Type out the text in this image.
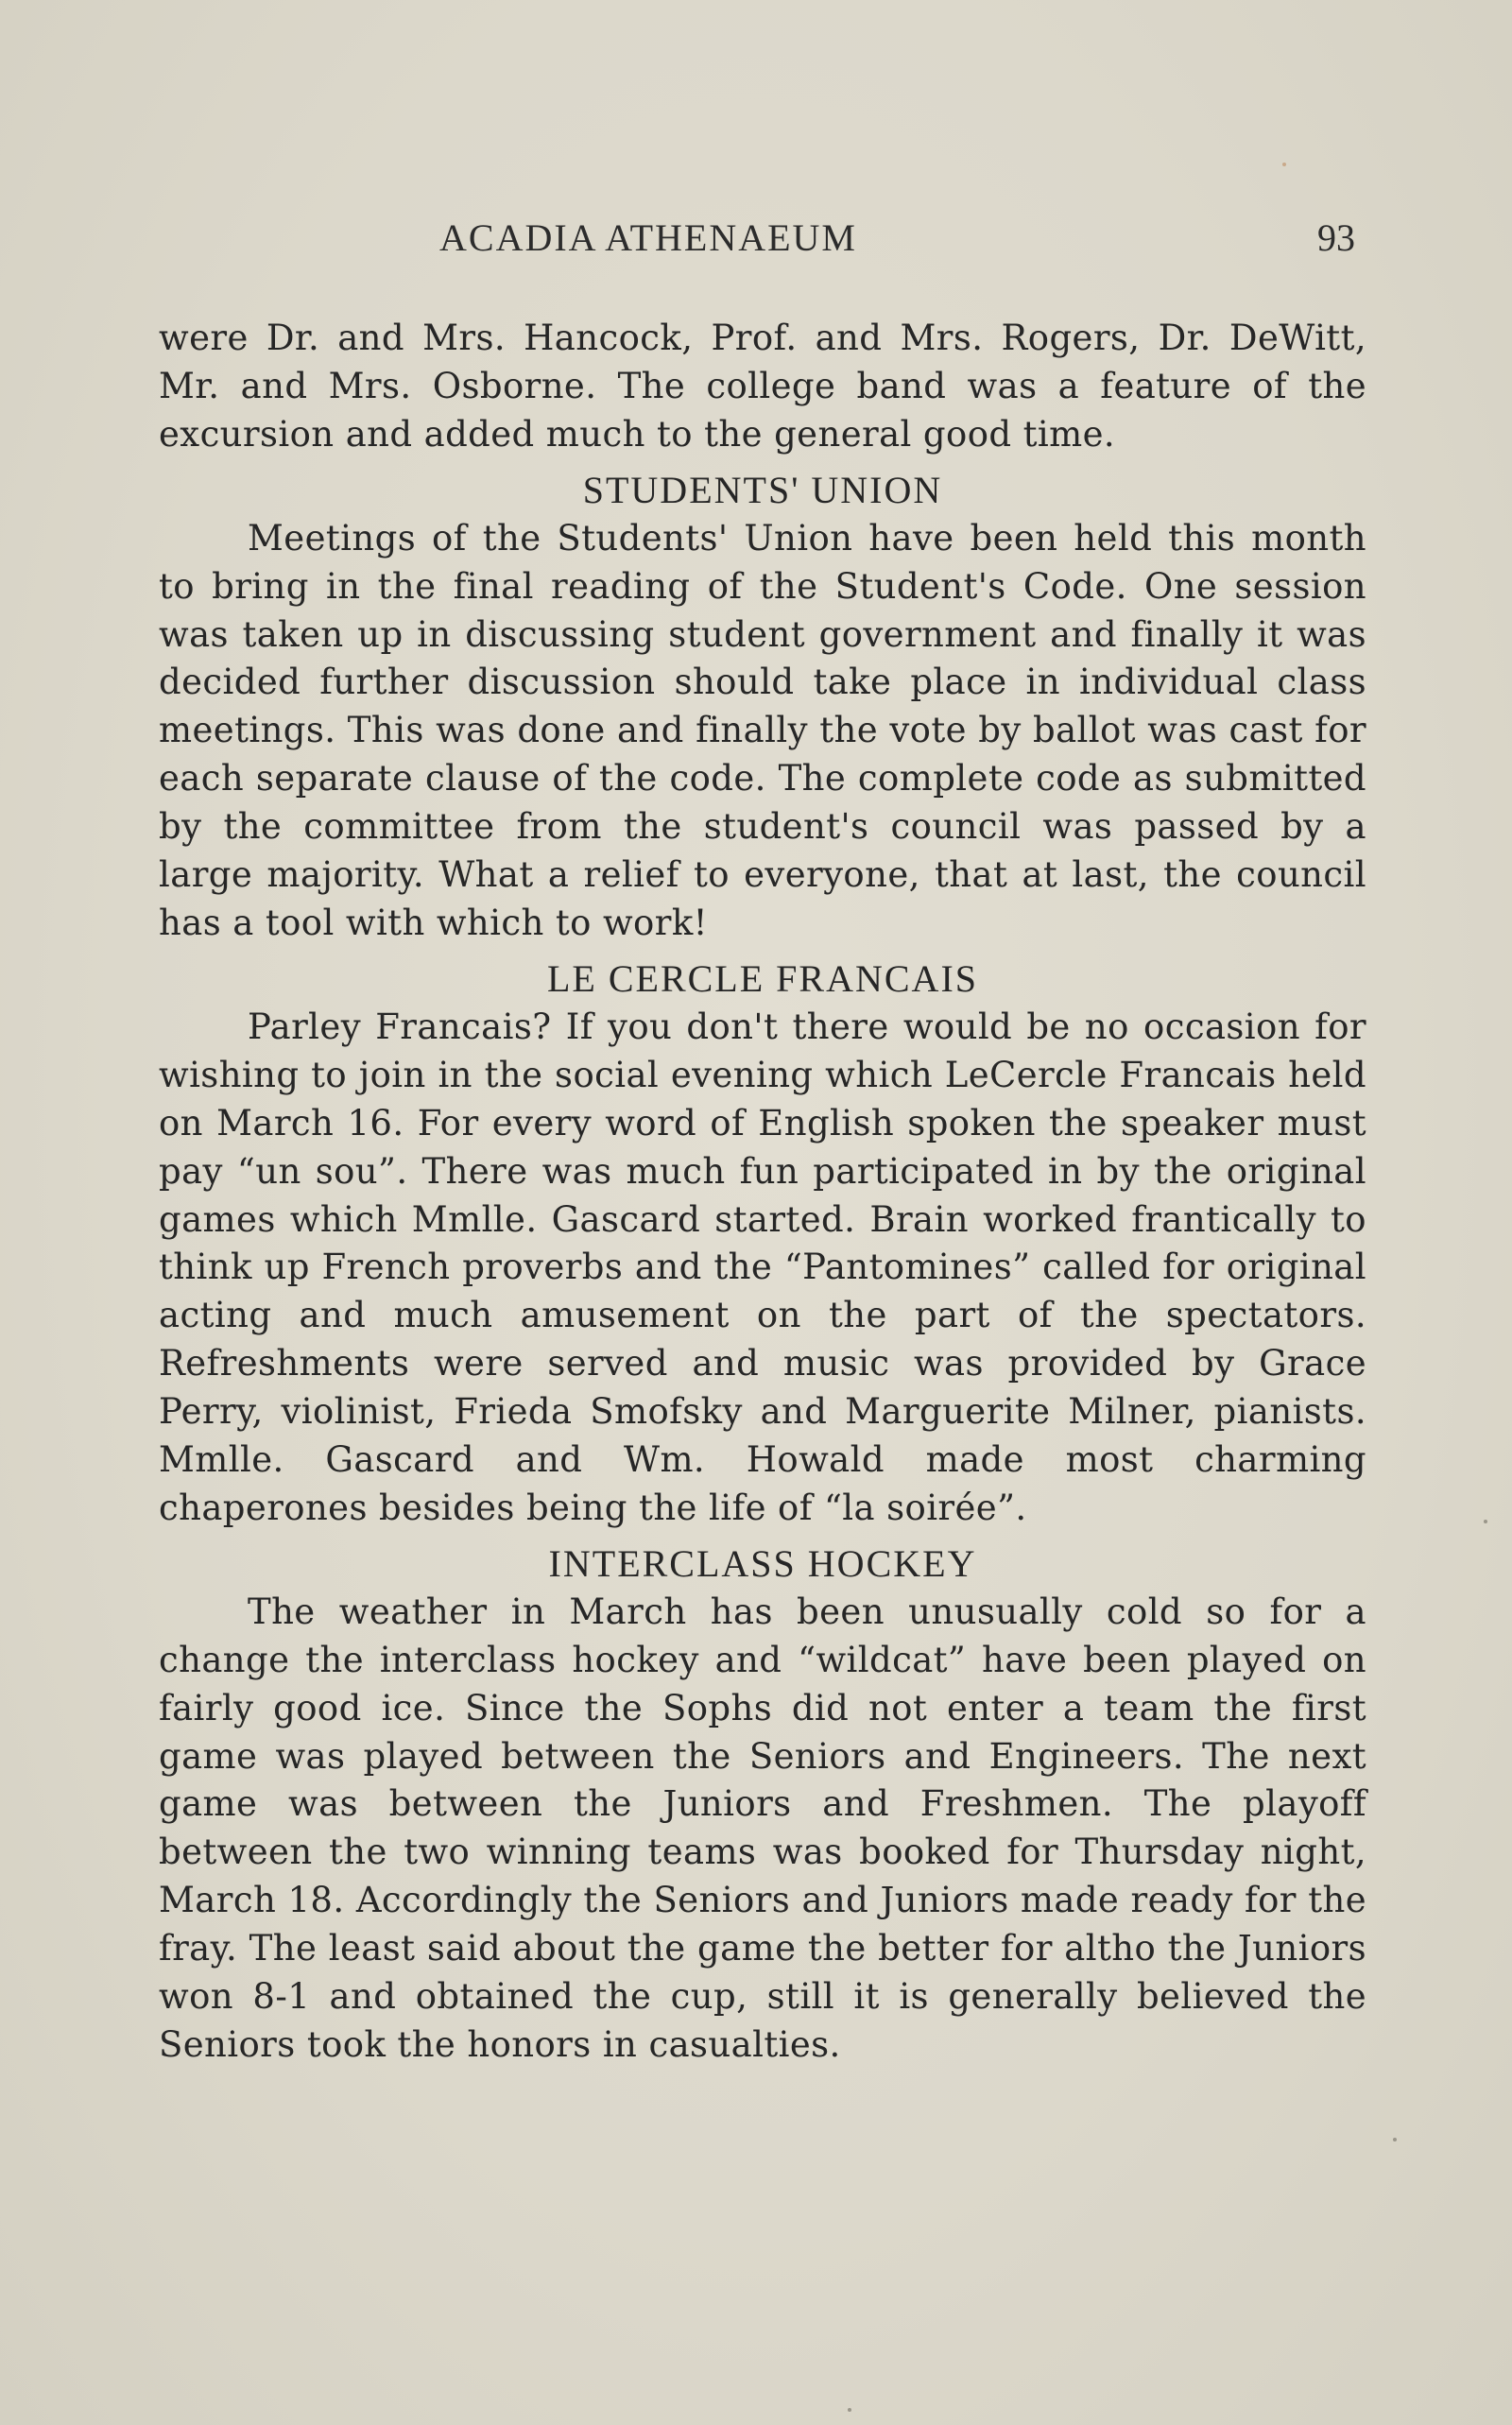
ACADIA ATHENAEUM	93

were Dr. and Mrs. Hancock, Prof. and Mrs. Rogers, Dr. DeWitt, Mr. and Mrs. Osborne. The college band was a feature of the excursion and added much to the general good time.

STUDENTS' UNION

Meetings of the Students' Union have been held this month to bring in the final reading of the Student's Code. One session was taken up in discussing student government and finally it was decided further discussion should take place in individual class meetings. This was done and finally the vote by ballot was cast for each separate clause of the code. The complete code as submitted by the committee from the student's council was passed by a large majority. What a relief to everyone, that at last, the council has a tool with which to work!

LE CERCLE FRANCAIS

Parley Francais? If you don't there would be no occasion for wishing to join in the social evening which LeCercle Francais held on March 16. For every word of English spoken the speaker must pay “un sou”. There was much fun participated in by the original games which Mmlle. Gascard started. Brain worked frantically to think up French proverbs and the “Pantomines” called for original acting and much amusement on the part of the spectators. Refreshments were served and music was provided by Grace Perry, violinist, Frieda Smofsky and Marguerite Milner, pianists. Mmlle. Gascard and Wm. Howald made most charming chaperones besides being the life of “la soirée”.

INTERCLASS HOCKEY

The weather in March has been unusually cold so for a change the interclass hockey and “wildcat” have been played on fairly good ice. Since the Sophs did not enter a team the first game was played between the Seniors and Engineers. The next game was between the Juniors and Freshmen. The playoff between the two winning teams was booked for Thursday night, March 18. Accordingly the Seniors and Juniors made ready for the fray. The least said about the game the better for altho the Juniors won 8-1 and obtained the cup, still it is generally believed the Seniors took the honors in casualties.
